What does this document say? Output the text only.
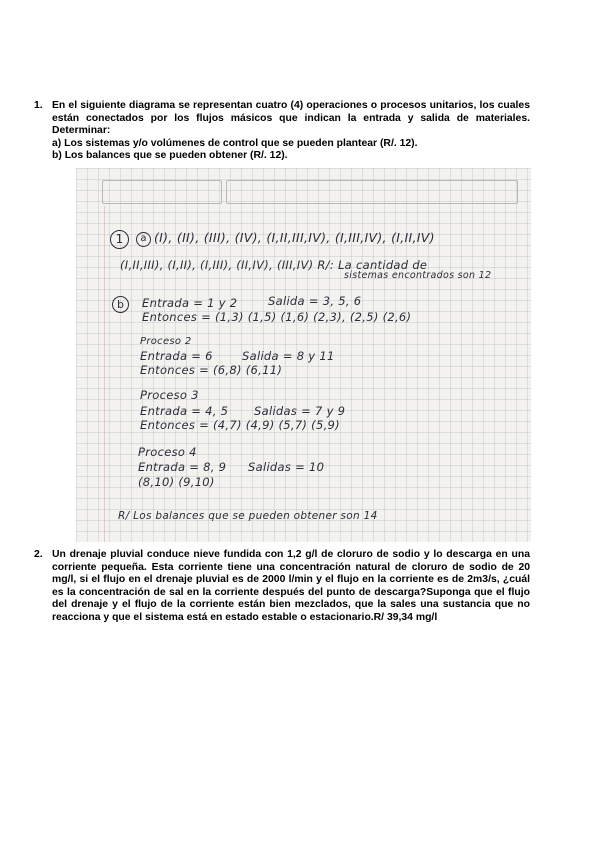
1. En el siguiente diagrama se representan cuatro (4) operaciones o procesos unitarios, los cuales están conectados por los flujos másicos que indican la entrada y salida de materiales. Determinar:

a) Los sistemas y/o volúmenes de control que se pueden plantear (R/. 12).

b) Los balances que se pueden obtener (R/. 12).

1	a (I), (II), (III), (IV), (I,II,III,IV), (I,III,IV), (I,II,IV)
(I,II,III), (I,II), (I,III), (II,IV), (III,IV) R/: La cantidad de
sistemas encontrados son 12
b	Entrada = 1 y 2	Salida = 3, 5, 6
Entonces = (1,3) (1,5) (1,6) (2,3), (2,5) (2,6)
Proceso 2
Entrada = 6	Salida = 8 y 11
Entonces = (6,8) (6,11)
Proceso 3
Entrada = 4, 5 Salidas = 7 y 9
Entonces = (4,7) (4,9) (5,7) (5,9)
Proceso 4
Entrada = 8, 9 Salidas = 10
(8,10) (9,10)
R/ Los balances que se pueden obtener son 14
2. Un drenaje pluvial conduce nieve fundida con 1,2 g/l de cloruro de sodio y lo descarga en una corriente pequeña. Esta corriente tiene una concentración natural de cloruro de sodio de 20 mg/l, si el flujo en el drenaje pluvial es de 2000 l/min y el flujo en la corriente es de 2m3/s, ¿cuál es la concentración de sal en la corriente después del punto de descarga?Suponga que el flujo del drenaje y el flujo de la corriente están bien mezclados, que la sales una sustancia que no reacciona y que el sistema está en estado estable o estacionario.R/ 39,34 mg/l
